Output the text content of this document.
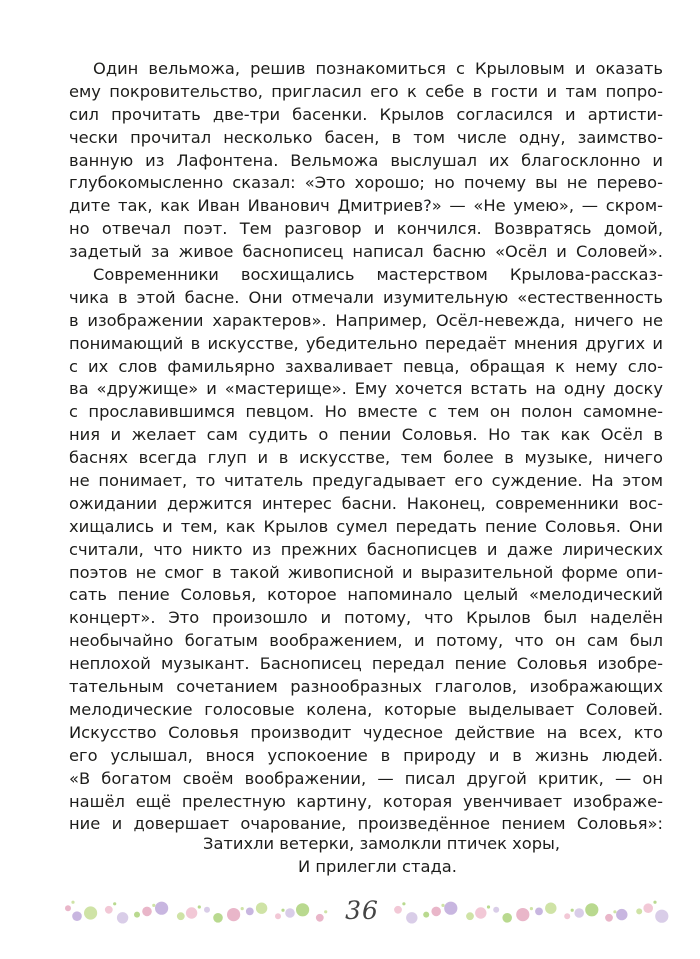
Один вельможа, решив познакомиться с Крыловым и оказать
ему покровительство, пригласил его к себе в гости и там попро-
сил прочитать две-три басенки. Крылов согласился и артисти-
чески прочитал несколько басен, в том числе одну, заимство-
ванную из Лафонтена. Вельможа выслушал их благосклонно и
глубокомысленно сказал: «Это хорошо; но почему вы не перево-
дите так, как Иван Иванович Дмитриев?» — «Не умею», — скром-
но отвечал поэт. Тем разговор и кончился. Возвратясь домой,
задетый за живое баснописец написал басню «Осёл и Соловей».
Современники восхищались мастерством Крылова-рассказ-
чика в этой басне. Они отмечали изумительную «естественность
в изображении характеров». Например, Осёл-невежда, ничего не
понимающий в искусстве, убедительно передаёт мнения других и
с их слов фамильярно захваливает певца, обращая к нему сло-
ва «дружище» и «мастерище». Ему хочется встать на одну доску
с прославившимся певцом. Но вместе с тем он полон самомне-
ния и желает сам судить о пении Соловья. Но так как Осёл в
баснях всегда глуп и в искусстве, тем более в музыке, ничего
не понимает, то читатель предугадывает его суждение. На этом
ожидании держится интерес басни. Наконец, современники вос-
хищались и тем, как Крылов сумел передать пение Соловья. Они
считали, что никто из прежних баснописцев и даже лирических
поэтов не смог в такой живописной и выразительной форме опи-
сать пение Соловья, которое напоминало целый «мелодический
концерт». Это произошло и потому, что Крылов был наделён
необычайно богатым воображением, и потому, что он сам был
неплохой музыкант. Баснописец передал пение Соловья изобре-
тательным сочетанием разнообразных глаголов, изображающих
мелодические голосовые колена, которые выделывает Соловей.
Искусство Соловья производит чудесное действие на всех, кто
его услышал, внося успокоение в природу и в жизнь людей.
«В богатом своём воображении, — писал другой критик, — он
нашёл ещё прелестную картину, которая увенчивает изображе-
ние и довершает очарование, произведённое пением Соловья»:
Затихли ветерки, замолкли птичек хоры,
И прилегли стада.
36
